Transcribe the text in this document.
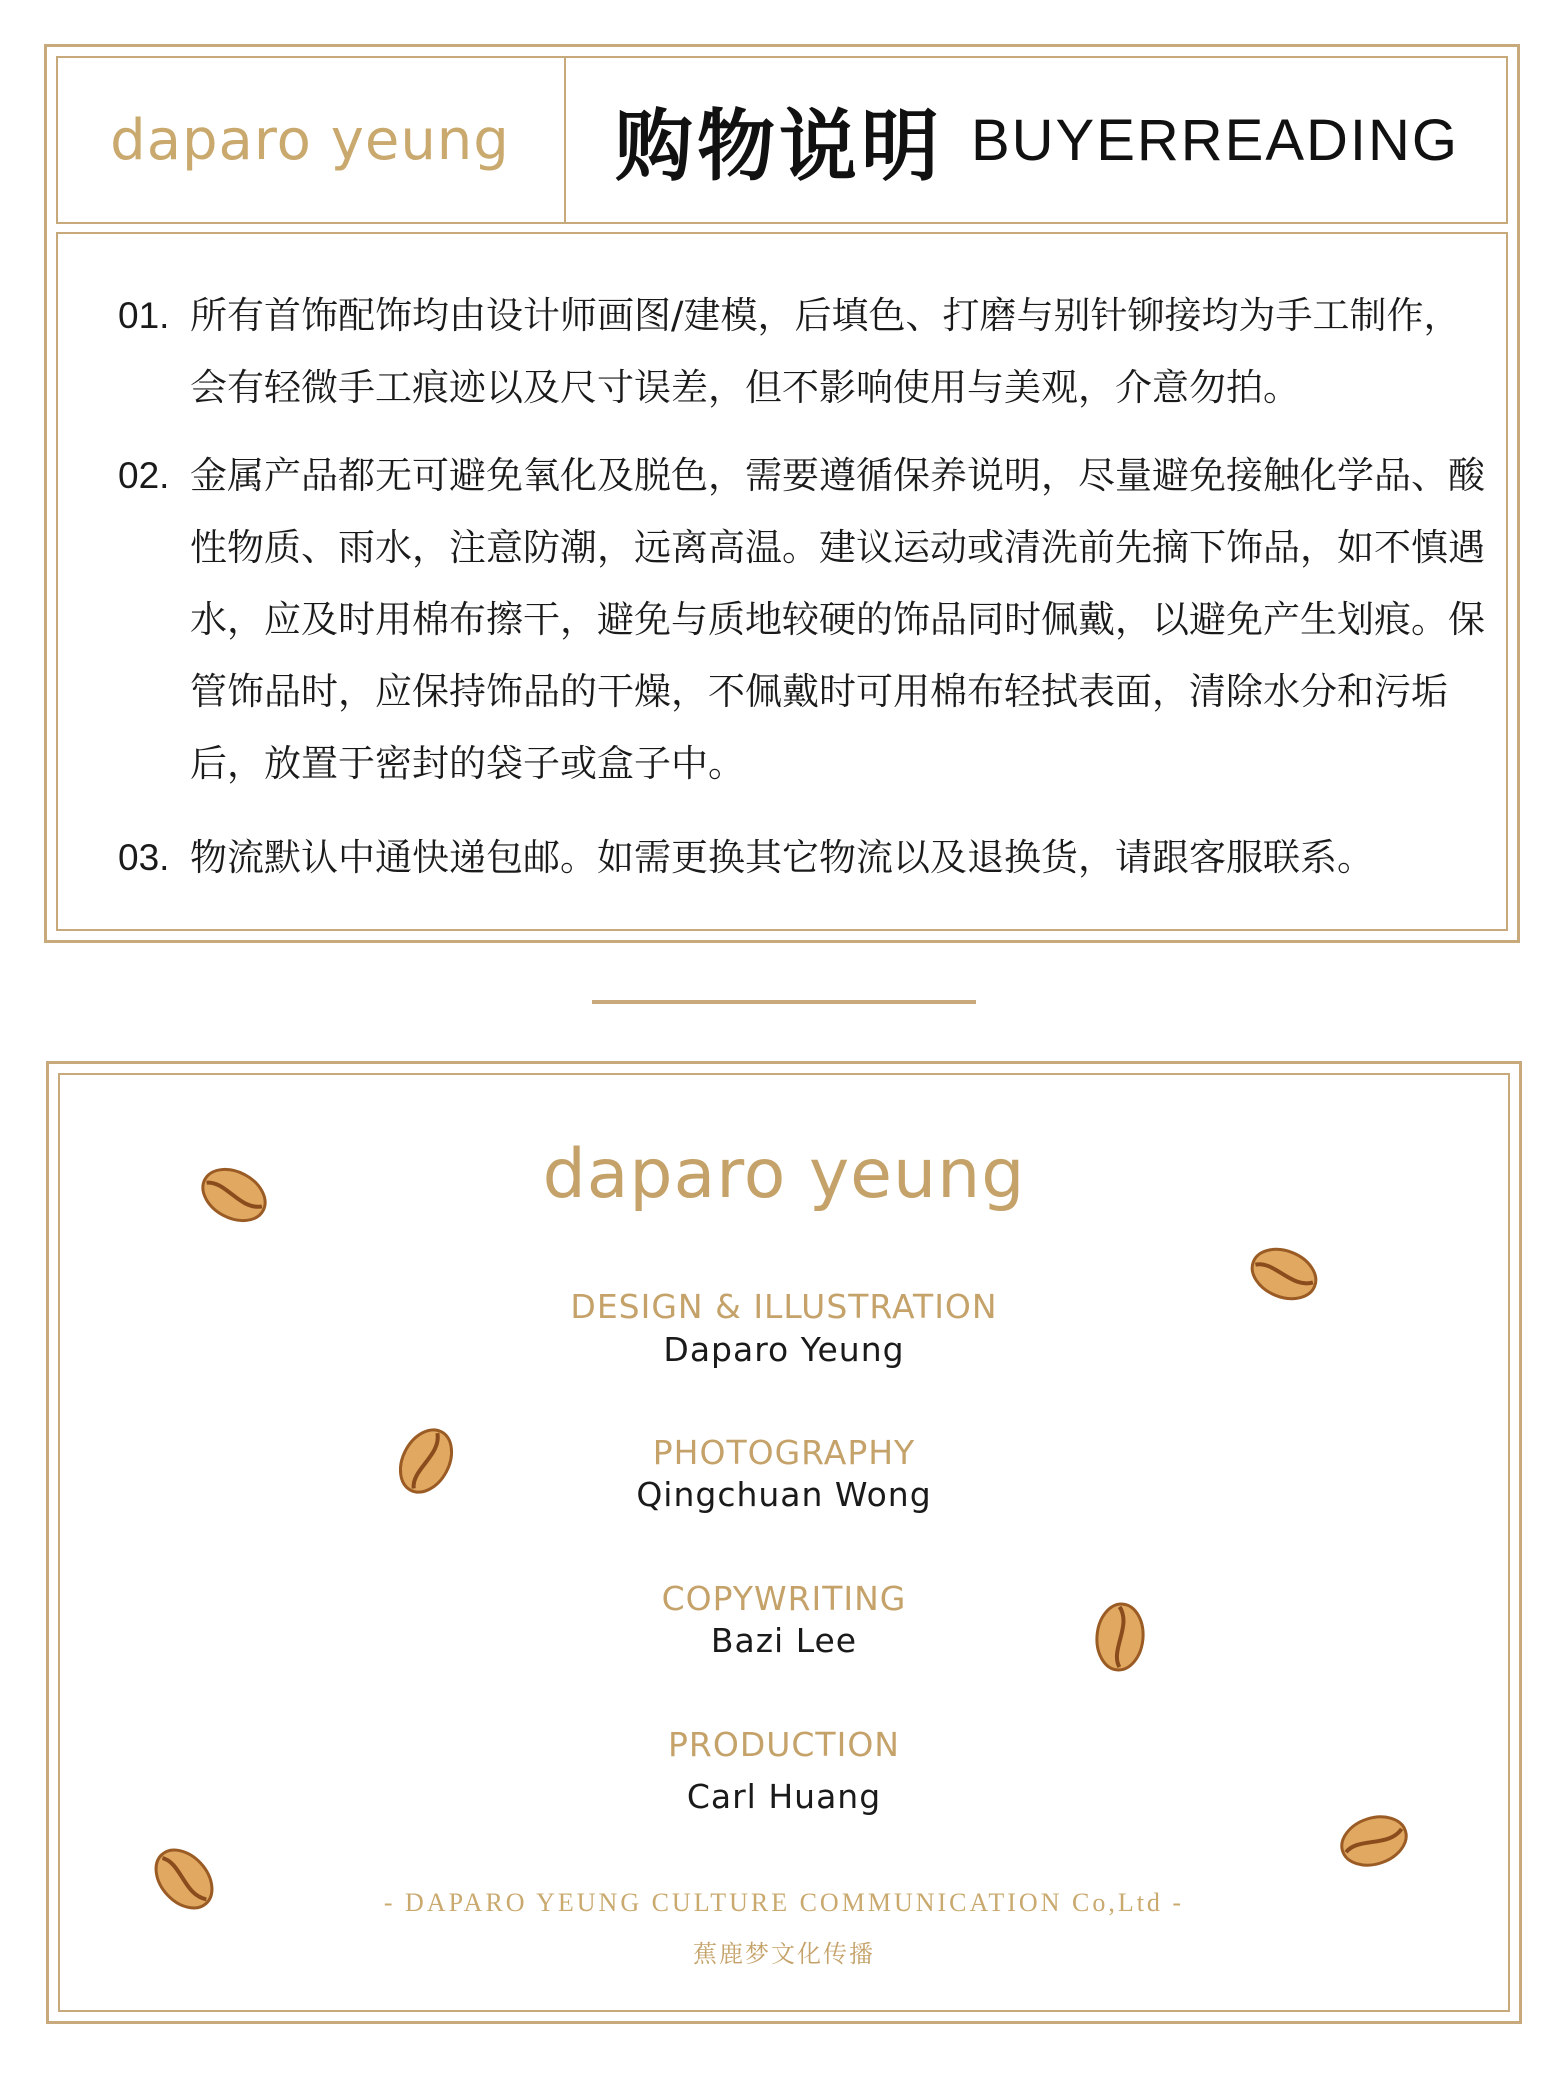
daparo yeung	购物说明 BUYERREADING
01. 所有首饰配饰均由设计师画图/建模，后填色、打磨与别针铆接均为手工制作，会有轻微手工痕迹以及尺寸误差，但不影响使用与美观，介意勿拍。
02. 金属产品都无可避免氧化及脱色，需要遵循保养说明，尽量避免接触化学品、酸性物质、雨水，注意防潮，远离高温。建议运动或清洗前先摘下饰品，如不慎遇水，应及时用棉布擦干，避免与质地较硬的饰品同时佩戴，以避免产生划痕。保管饰品时，应保持饰品的干燥，不佩戴时可用棉布轻拭表面，清除水分和污垢后，放置于密封的袋子或盒子中。
03. 物流默认中通快递包邮。如需更换其它物流以及退换货，请跟客服联系。
daparo yeung
DESIGN & ILLUSTRATION
Daparo Yeung
PHOTOGRAPHY
Qingchuan Wong
COPYWRITING
Bazi Lee
PRODUCTION
Carl Huang
- DAPARO YEUNG CULTURE COMMUNICATION Co,Ltd -
蕉鹿梦文化传播
